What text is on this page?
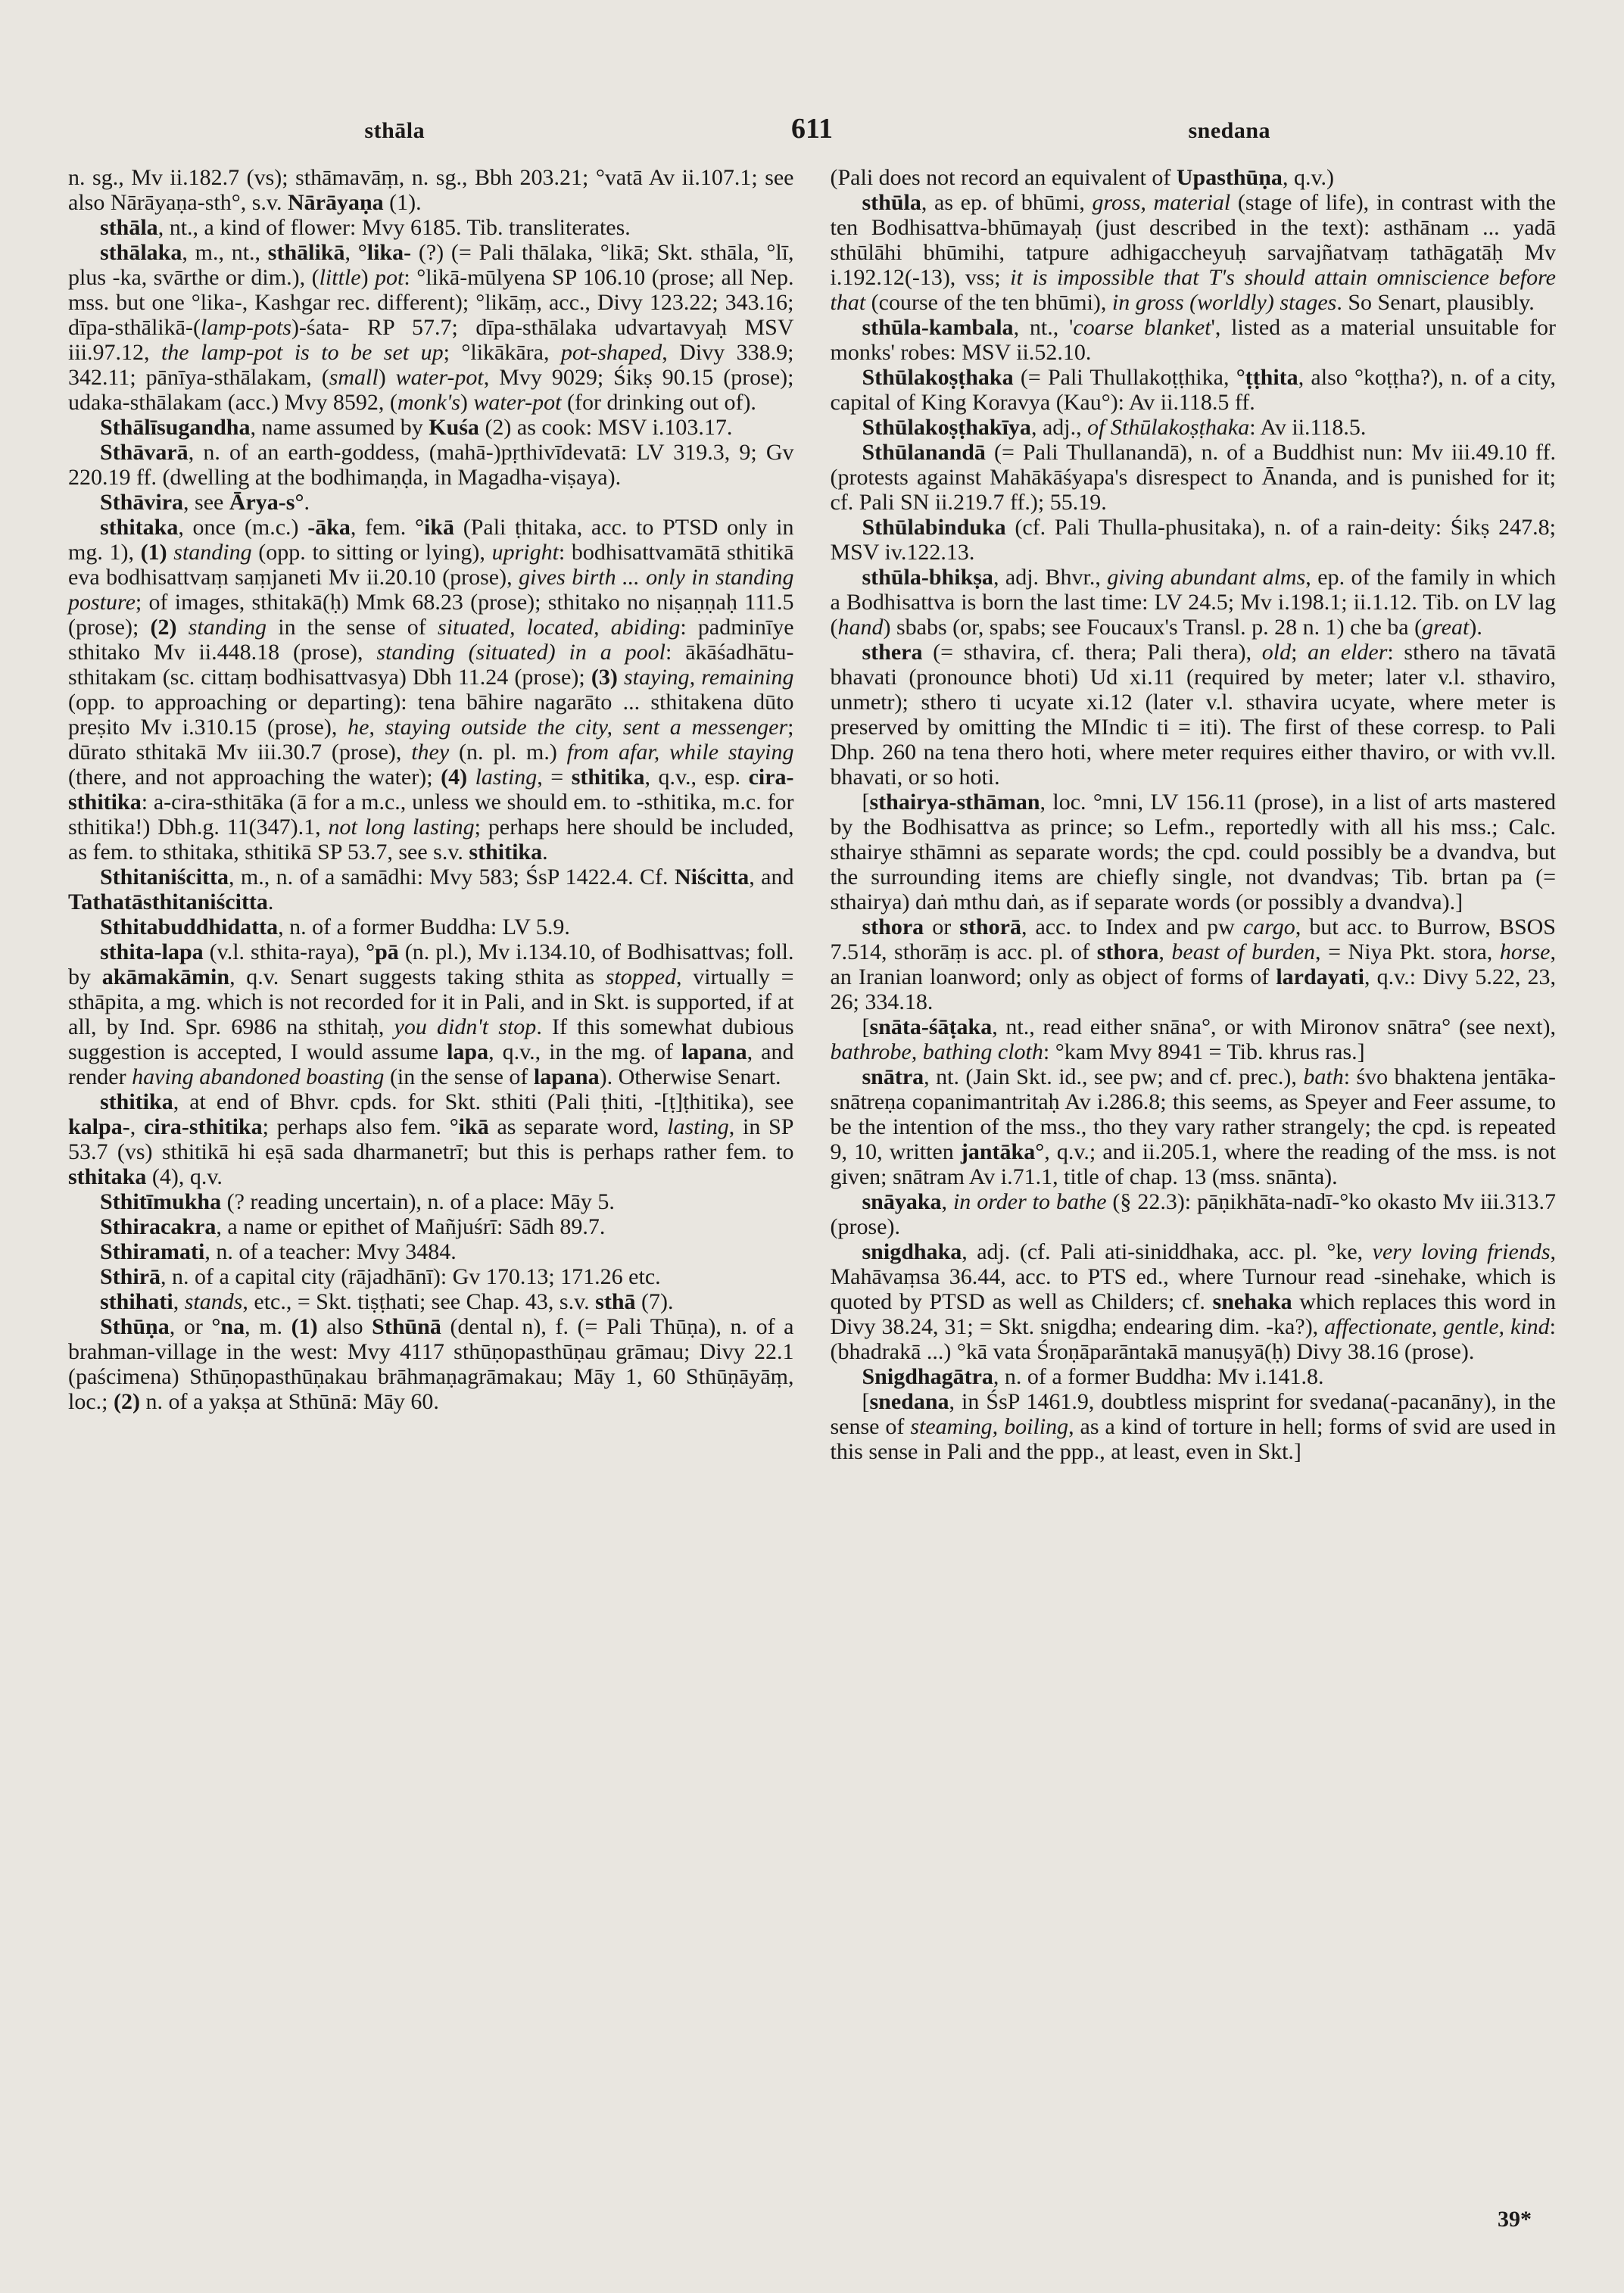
sthāla	611	snedana

n. sg., Mv ii.182.7 (vs); sthāmavāṃ, n. sg., Bbh 203.21; °vatā Av ii.107.1; see also Nārāyaṇa-sth°, s.v. Nārāyaṇa (1).

sthāla, nt., a kind of flower: Mvy 6185. Tib. transliterates.

sthālaka, m., nt., sthālikā, °lika- (?) (= Pali thālaka, °likā; Skt. sthāla, °lī, plus -ka, svārthe or dim.), (little) pot: °likā-mūlyena SP 106.10 (prose; all Nep. mss. but one °lika-, Kashgar rec. different); °likāṃ, acc., Divy 123.22; 343.16; dīpa-sthālikā-(lamp-pots)-śata- RP 57.7; dīpa-sthālaka udvartavyaḥ MSV iii.97.12, the lamp-pot is to be set up; °likākāra, pot-shaped, Divy 338.9; 342.11; pānīya-sthālakam, (small) water-pot, Mvy 9029; Śikṣ 90.15 (prose); udaka-sthālakam (acc.) Mvy 8592, (monk's) water-pot (for drinking out of).

Sthālīsugandha, name assumed by Kuśa (2) as cook: MSV i.103.17.

Sthāvarā, n. of an earth-goddess, (mahā-)pṛthivīdevatā: LV 319.3, 9; Gv 220.19 ff. (dwelling at the bodhimaṇḍa, in Magadha-viṣaya).

Sthāvira, see Ārya-s°.

sthitaka, once (m.c.) -āka, fem. °ikā (Pali ṭhitaka, acc. to PTSD only in mg. 1), (1) standing (opp. to sitting or lying), upright: bodhisattvamātā sthitikā eva bodhisattvaṃ saṃjaneti Mv ii.20.10 (prose), gives birth ... only in standing posture; of images, sthitakā(ḥ) Mmk 68.23 (prose); sthitako no niṣaṇṇaḥ 111.5 (prose); (2) standing in the sense of situated, located, abiding: padminīye sthitako Mv ii.448.18 (prose), standing (situated) in a pool: ākāśadhātu-sthitakam (sc. cittaṃ bodhisattvasya) Dbh 11.24 (prose); (3) staying, remaining (opp. to approaching or departing): tena bāhire nagarāto ... sthitakena dūto preṣito Mv i.310.15 (prose), he, staying outside the city, sent a messenger; dūrato sthitakā Mv iii.30.7 (prose), they (n. pl. m.) from afar, while staying (there, and not approaching the water); (4) lasting, = sthitika, q.v., esp. cira-sthitika: a-cira-sthitāka (ā for a m.c., unless we should em. to -sthitika, m.c. for sthitika!) Dbh.g. 11(347).1, not long lasting; perhaps here should be included, as fem. to sthitaka, sthitikā SP 53.7, see s.v. sthitika.

Sthitaniścitta, m., n. of a samādhi: Mvy 583; ŚsP 1422.4. Cf. Niścitta, and Tathatāsthitaniścitta.

Sthitabuddhidatta, n. of a former Buddha: LV 5.9.

sthita-lapa (v.l. sthita-raya), °pā (n. pl.), Mv i.134.10, of Bodhisattvas; foll. by akāmakāmin, q.v. Senart suggests taking sthita as stopped, virtually = sthāpita, a mg. which is not recorded for it in Pali, and in Skt. is supported, if at all, by Ind. Spr. 6986 na sthitaḥ, you didn't stop. If this somewhat dubious suggestion is accepted, I would assume lapa, q.v., in the mg. of lapana, and render having abandoned boasting (in the sense of lapana). Otherwise Senart.

sthitika, at end of Bhvr. cpds. for Skt. sthiti (Pali ṭhiti, -[ṭ]ṭhitika), see kalpa-, cira-sthitika; perhaps also fem. °ikā as separate word, lasting, in SP 53.7 (vs) sthitikā hi eṣā sada dharmanetrī; but this is perhaps rather fem. to sthitaka (4), q.v.

Sthitīmukha (? reading uncertain), n. of a place: Māy 5.

Sthiracakra, a name or epithet of Mañjuśrī: Sādh 89.7.

Sthiramati, n. of a teacher: Mvy 3484.

Sthirā, n. of a capital city (rājadhānī): Gv 170.13; 171.26 etc.

sthihati, stands, etc., = Skt. tiṣṭhati; see Chap. 43, s.v. sthā (7).

Sthūṇa, or °na, m. (1) also Sthūnā (dental n), f. (= Pali Thūṇa), n. of a brahman-village in the west: Mvy 4117 sthūṇopasthūṇau grāmau; Divy 22.1 (paścimena) Sthūṇopasthūṇakau brāhmaṇagrāmakau; Māy 1, 60 Sthūṇāyāṃ, loc.; (2) n. of a yakṣa at Sthūnā: Māy 60.

(Pali does not record an equivalent of Upasthūṇa, q.v.)

sthūla, as ep. of bhūmi, gross, material (stage of life), in contrast with the ten Bodhisattva-bhūmayaḥ (just described in the text): asthānam ... yadā sthūlāhi bhūmihi, tatpure adhigaccheyuḥ sarvajñatvaṃ tathāgatāḥ Mv i.192.12(-13), vss; it is impossible that T's should attain omniscience before that (course of the ten bhūmi), in gross (worldly) stages. So Senart, plausibly.

sthūla-kambala, nt., 'coarse blanket', listed as a material unsuitable for monks' robes: MSV ii.52.10.

Sthūlakoṣṭhaka (= Pali Thullakoṭṭhika, °ṭṭhita, also °koṭṭha?), n. of a city, capital of King Koravya (Kau°): Av ii.118.5 ff.

Sthūlakoṣṭhakīya, adj., of Sthūlakoṣṭhaka: Av ii.118.5.

Sthūlanandā (= Pali Thullanandā), n. of a Buddhist nun: Mv iii.49.10 ff. (protests against Mahākāśyapa's disrespect to Ānanda, and is punished for it; cf. Pali SN ii.219.7 ff.); 55.19.

Sthūlabinduka (cf. Pali Thulla-phusitaka), n. of a rain-deity: Śikṣ 247.8; MSV iv.122.13.

sthūla-bhikṣa, adj. Bhvr., giving abundant alms, ep. of the family in which a Bodhisattva is born the last time: LV 24.5; Mv i.198.1; ii.1.12. Tib. on LV lag (hand) sbabs (or, spabs; see Foucaux's Transl. p. 28 n. 1) che ba (great).

sthera (= sthavira, cf. thera; Pali thera), old; an elder: sthero na tāvatā bhavati (pronounce bhoti) Ud xi.11 (required by meter; later v.l. sthaviro, unmetr); sthero ti ucyate xi.12 (later v.l. sthavira ucyate, where meter is preserved by omitting the MIndic ti = iti). The first of these corresp. to Pali Dhp. 260 na tena thero hoti, where meter requires either thaviro, or with vv.ll. bhavati, or so hoti.

[sthairya-sthāman, loc. °mni, LV 156.11 (prose), in a list of arts mastered by the Bodhisattva as prince; so Lefm., reportedly with all his mss.; Calc. sthairye sthāmni as separate words; the cpd. could possibly be a dvandva, but the surrounding items are chiefly single, not dvandvas; Tib. brtan pa (= sthairya) daṅ mthu daṅ, as if separate words (or possibly a dvandva).]

sthora or sthorā, acc. to Index and pw cargo, but acc. to Burrow, BSOS 7.514, sthorāṃ is acc. pl. of sthora, beast of burden, = Niya Pkt. stora, horse, an Iranian loanword; only as object of forms of lardayati, q.v.: Divy 5.22, 23, 26; 334.18.

[snāta-śāṭaka, nt., read either snāna°, or with Mironov snātra° (see next), bathrobe, bathing cloth: °kam Mvy 8941 = Tib. khrus ras.]

snātra, nt. (Jain Skt. id., see pw; and cf. prec.), bath: śvo bhaktena jentāka-snātreṇa copanimantritaḥ Av i.286.8; this seems, as Speyer and Feer assume, to be the intention of the mss., tho they vary rather strangely; the cpd. is repeated 9, 10, written jantāka°, q.v.; and ii.205.1, where the reading of the mss. is not given; snātram Av i.71.1, title of chap. 13 (mss. snānta).

snāyaka, in order to bathe (§ 22.3): pāṇikhāta-nadī-°ko okasto Mv iii.313.7 (prose).

snigdhaka, adj. (cf. Pali ati-siniddhaka, acc. pl. °ke, very loving friends, Mahāvaṃsa 36.44, acc. to PTS ed., where Turnour read -sinehake, which is quoted by PTSD as well as Childers; cf. snehaka which replaces this word in Divy 38.24, 31; = Skt. snigdha; endearing dim. -ka?), affectionate, gentle, kind: (bhadrakā ...) °kā vata Śroṇāparāntakā manuṣyā(ḥ) Divy 38.16 (prose).

Snigdhagātra, n. of a former Buddha: Mv i.141.8.

[snedana, in ŚsP 1461.9, doubtless misprint for svedana(-pacanāny), in the sense of steaming, boiling, as a kind of torture in hell; forms of svid are used in this sense in Pali and the ppp., at least, even in Skt.]

39*
